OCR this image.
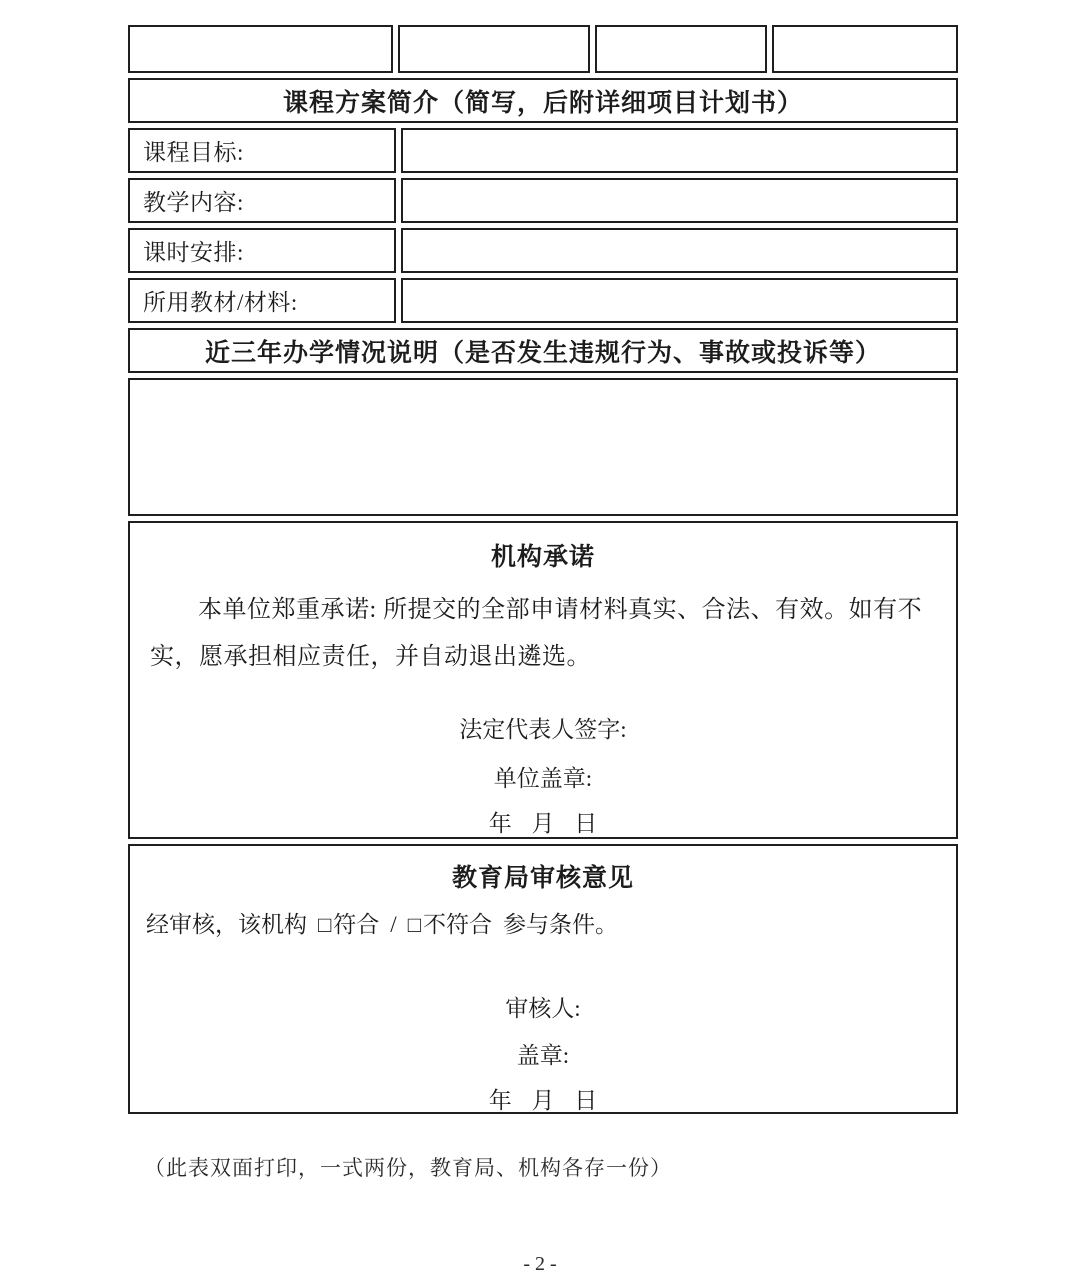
课程方案简介（简写，后附详细项目计划书）
课程目标:
教学内容:
课时安排:
所用教材/材料:
近三年办学情况说明（是否发生违规行为、事故或投诉等）
机构承诺

本单位郑重承诺: 所提交的全部申请材料真实、合法、有效。如有不实，愿承担相应责任，并自动退出遴选。

法定代表人签字:
单位盖章:
年 月 日
教育局审核意见
经审核，该机构 □ 符合 / □ 不符合 参与条件。
审核人:
盖章:
年 月 日
（此表双面打印，一式两份，教育局、机构各存一份）
- 2 -
